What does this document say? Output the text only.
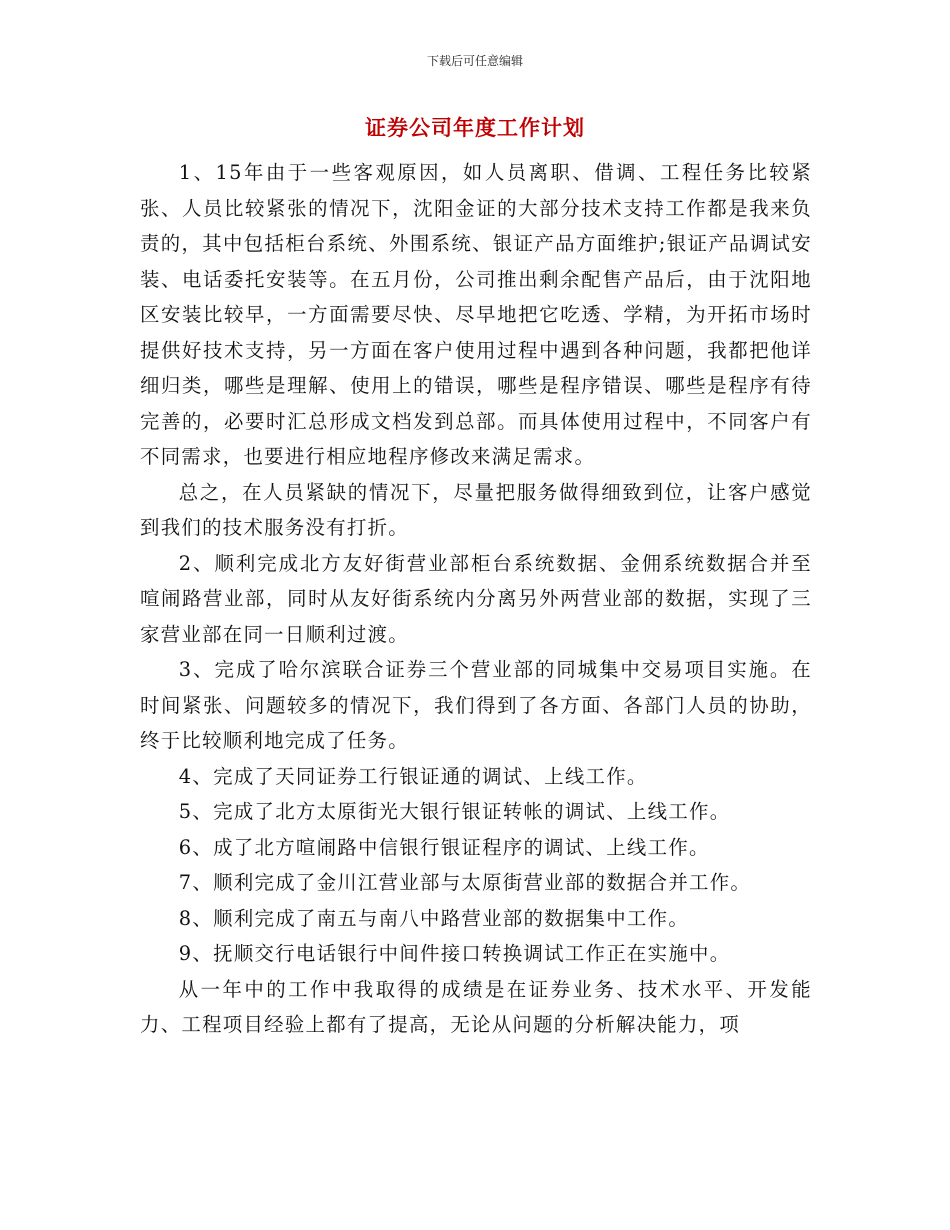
下载后可任意编辑
证券公司年度工作计划

1、15年由于一些客观原因，如人员离职、借调、工程任务比较紧张、人员比较紧张的情况下，沈阳金证的大部分技术支持工作都是我来负责的，其中包括柜台系统、外围系统、银证产品方面维护;银证产品调试安装、电话委托安装等。在五月份，公司推出剩余配售产品后，由于沈阳地区安装比较早，一方面需要尽快、尽早地把它吃透、学精，为开拓市场时提供好技术支持，另一方面在客户使用过程中遇到各种问题，我都把他详细归类，哪些是理解、使用上的错误，哪些是程序错误、哪些是程序有待完善的，必要时汇总形成文档发到总部。而具体使用过程中，不同客户有不同需求，也要进行相应地程序修改来满足需求。

总之，在人员紧缺的情况下，尽量把服务做得细致到位，让客户感觉到我们的技术服务没有打折。

2、顺利完成北方友好街营业部柜台系统数据、金佣系统数据合并至喧闹路营业部，同时从友好街系统内分离另外两营业部的数据，实现了三家营业部在同一日顺利过渡。

3、完成了哈尔滨联合证券三个营业部的同城集中交易项目实施。在时间紧张、问题较多的情况下，我们得到了各方面、各部门人员的协助，终于比较顺利地完成了任务。

4、完成了天同证券工行银证通的调试、上线工作。

5、完成了北方太原街光大银行银证转帐的调试、上线工作。

6、成了北方喧闹路中信银行银证程序的调试、上线工作。

7、顺利完成了金川江营业部与太原街营业部的数据合并工作。

8、顺利完成了南五与南八中路营业部的数据集中工作。

9、抚顺交行电话银行中间件接口转换调试工作正在实施中。

从一年中的工作中我取得的成绩是在证券业务、技术水平、开发能力、工程项目经验上都有了提高，无论从问题的分析解决能力，项
